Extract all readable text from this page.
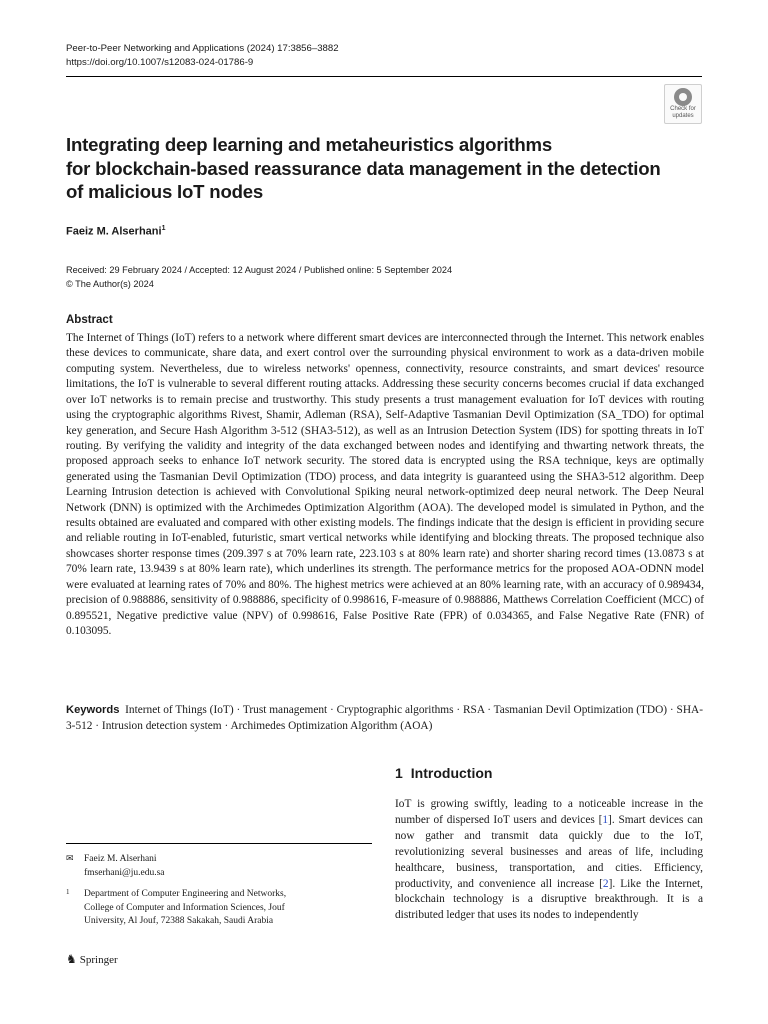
Peer-to-Peer Networking and Applications (2024) 17:3856–3882
https://doi.org/10.1007/s12083-024-01786-9
Check for
updates
Integrating deep learning and metaheuristics algorithms
for blockchain-based reassurance data management in the detection
of malicious IoT nodes
Faeiz M. Alserhani$^1$
Received: 29 February 2024 / Accepted: 12 August 2024 / Published online: 5 September 2024
© The Author(s) 2024
Abstract
The Internet of Things (IoT) refers to a network where different smart devices are interconnected through the Internet. This network enables these devices to communicate, share data, and exert control over the surrounding physical environment to work as a data-driven mobile computing system. Nevertheless, due to wireless networks' openness, connectivity, resource constraints, and smart devices' resource limitations, the IoT is vulnerable to several different routing attacks. Addressing these security concerns becomes crucial if data exchanged over IoT networks is to remain precise and trustworthy. This study presents a trust management evaluation for IoT devices with routing using the cryptographic algorithms Rivest, Shamir, Adleman (RSA), Self-Adaptive Tasmanian Devil Optimization (SA_TDO) for optimal key generation, and Secure Hash Algorithm 3-512 (SHA3-512), as well as an Intrusion Detection System (IDS) for spotting threats in IoT routing. By verifying the validity and integrity of the data exchanged between nodes and identifying and thwarting network threats, the proposed approach seeks to enhance IoT network security. The stored data is encrypted using the RSA technique, keys are optimally generated using the Tasmanian Devil Optimization (TDO) process, and data integrity is guaranteed using the SHA3-512 algorithm. Deep Learning Intrusion detection is achieved with Convolutional Spiking neural network-optimized deep neural network. The Deep Neural Network (DNN) is optimized with the Archimedes Optimization Algorithm (AOA). The developed model is simulated in Python, and the results obtained are evaluated and compared with other existing models. The findings indicate that the design is efficient in providing secure and reliable routing in IoT-enabled, futuristic, smart vertical networks while identifying and blocking threats. The proposed technique also showcases shorter response times (209.397 s at 70% learn rate, 223.103 s at 80% learn rate) and shorter sharing record times (13.0873 s at 70% learn rate, 13.9439 s at 80% learn rate), which underlines its strength. The performance metrics for the proposed AOA-ODNN model were evaluated at learning rates of 70% and 80%. The highest metrics were achieved at an 80% learning rate, with an accuracy of 0.989434, precision of 0.988886, sensitivity of 0.988886, specificity of 0.998616, F-measure of 0.988886, Matthews Correlation Coefficient (MCC) of 0.895521, Negative predictive value (NPV) of 0.998616, False Positive Rate (FPR) of 0.034365, and False Negative Rate (FNR) of 0.103095.
Keywords Internet of Things (IoT) · Trust management · Cryptographic algorithms · RSA · Tasmanian Devil Optimization (TDO) · SHA-3-512 · Intrusion detection system · Archimedes Optimization Algorithm (AOA)
1 Introduction
IoT is growing swiftly, leading to a noticeable increase in the number of dispersed IoT users and devices [1]. Smart devices can now gather and transmit data quickly due to the IoT, revolutionizing several businesses and areas of life, including healthcare, business, transportation, and cities. Efficiency, productivity, and convenience all increase [2]. Like the Internet, blockchain technology is a disruptive breakthrough. It is a distributed ledger that uses its nodes to independently
✉ Faeiz M. Alserhani
fmserhani@ju.edu.sa
1 Department of Computer Engineering and Networks,
College of Computer and Information Sciences, Jouf
University, Al Jouf, 72388 Sakakah, Saudi Arabia
♞ Springer
